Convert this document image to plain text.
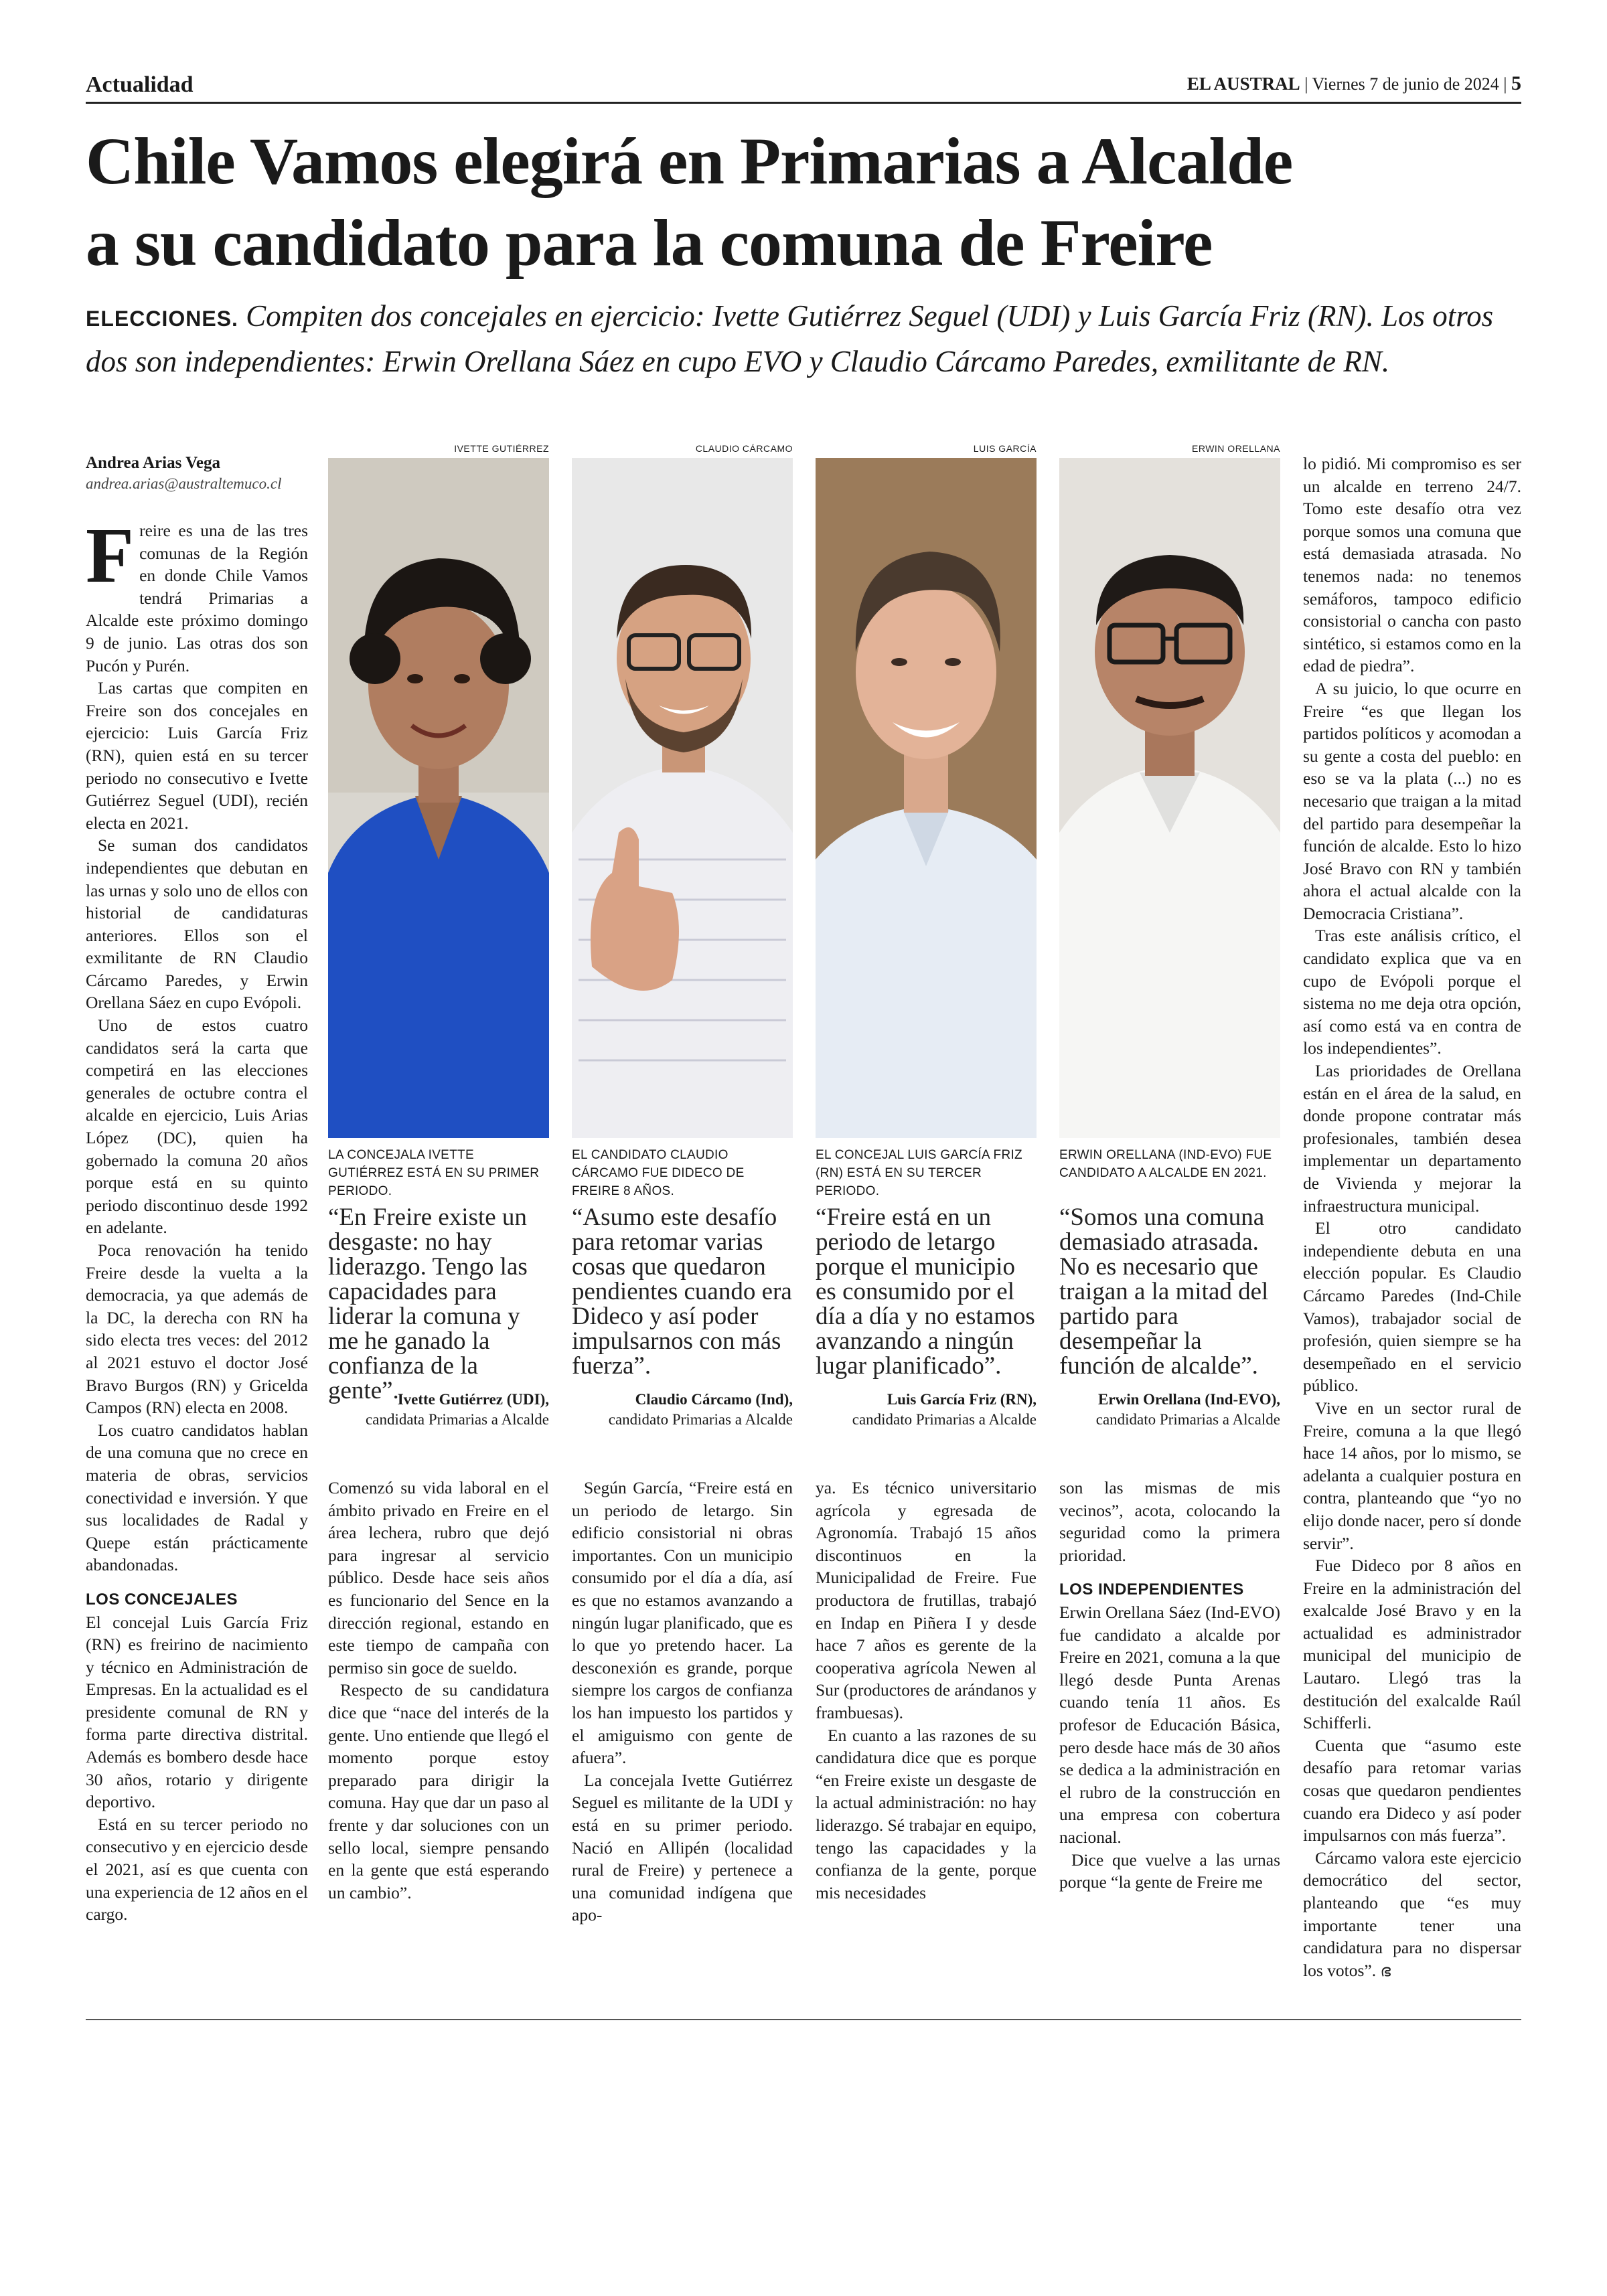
Actualidad	EL AUSTRAL | Viernes 7 de junio de 2024 | 5
Chile Vamos elegirá en Primarias a Alcalde
a su candidato para la comuna de Freire
ELECCIONES. Compiten dos concejales en ejercicio: Ivette Gutiérrez Seguel (UDI) y Luis García Friz (RN). Los otros dos son independientes: Erwin Orellana Sáez en cupo EVO y Claudio Cárcamo Paredes, exmilitante de RN.
Andrea Arias Vega
andrea.arias@australtemuco.cl

Freire es una de las tres comunas de la Región en donde Chile Vamos tendrá Primarias a Alcalde este próximo domingo 9 de junio. Las otras dos son Pucón y Purén.

Las cartas que compiten en Freire son dos concejales en ejercicio: Luis García Friz (RN), quien está en su tercer periodo no consecutivo e Ivette Gutiérrez Seguel (UDI), recién electa en 2021.

Se suman dos candidatos independientes que debutan en las urnas y solo uno de ellos con historial de candidaturas anteriores. Ellos son el exmilitante de RN Claudio Cárcamo Paredes, y Erwin Orellana Sáez en cupo Evópoli.

Uno de estos cuatro candidatos será la carta que competirá en las elecciones generales de octubre contra el alcalde en ejercicio, Luis Arias López (DC), quien ha gobernado la comuna 20 años porque está en su quinto periodo discontinuo desde 1992 en adelante.

Poca renovación ha tenido Freire desde la vuelta a la democracia, ya que además de la DC, la derecha con RN ha sido electa tres veces: del 2012 al 2021 estuvo el doctor José Bravo Burgos (RN) y Gricelda Campos (RN) electa en 2008.

Los cuatro candidatos hablan de una comuna que no crece en materia de obras, servicios conectividad e inversión. Y que sus localidades de Radal y Quepe están prácticamente abandonadas.

LOS CONCEJALES

El concejal Luis García Friz (RN) es freirino de nacimiento y técnico en Administración de Empresas. En la actualidad es el presidente comunal de RN y forma parte directiva distrital. Además es bombero desde hace 30 años, rotario y dirigente deportivo.

Está en su tercer periodo no consecutivo y en ejercicio desde el 2021, así es que cuenta con una experiencia de 12 años en el cargo.

IVETTE GUTIÉRREZ	CLAUDIO CÁRCAMO	LUIS GARCÍA	ERWIN ORELLANA
LA CONCEJALA IVETTE GUTIÉRREZ ESTÁ EN SU PRIMER PERIODO.
EL CANDIDATO CLAUDIO CÁRCAMO FUE DIDECO DE FREIRE 8 AÑOS.
EL CONCEJAL LUIS GARCÍA FRIZ (RN) ESTÁ EN SU TERCER PERIODO.
ERWIN ORELLANA (IND-EVO) FUE CANDIDATO A ALCALDE EN 2021.
“En Freire existe un desgaste: no hay liderazgo. Tengo las capacidades para liderar la comuna y me he ganado la confianza de la gente”.
“Asumo este desafío para retomar varias cosas que quedaron pendientes cuando era Dideco y así poder impulsarnos con más fuerza”.
“Freire está en un periodo de letargo porque el municipio es consumido por el día a día y no estamos avanzando a ningún lugar planificado”.
“Somos una comuna demasiado atrasada. No es necesario que traigan a la mitad del partido para desempeñar la función de alcalde”.
Ivette Gutiérrez (UDI),
candidata Primarias a Alcalde
Claudio Cárcamo (Ind),
candidato Primarias a Alcalde
Luis García Friz (RN),
candidato Primarias a Alcalde
Erwin Orellana (Ind-EVO),
candidato Primarias a Alcalde

Comenzó su vida laboral en el ámbito privado en Freire en el área lechera, rubro que dejó para ingresar al servicio público. Desde hace seis años es funcionario del Sence en la dirección regional, estando en este tiempo de campaña con permiso sin goce de sueldo.

Respecto de su candidatura dice que “nace del interés de la gente. Uno entiende que llegó el momento porque estoy preparado para dirigir la comuna. Hay que dar un paso al frente y dar soluciones con un sello local, siempre pensando en la gente que está esperando un cambio”.

Según García, “Freire está en un periodo de letargo. Sin edificio consistorial ni obras importantes. Con un municipio consumido por el día a día, así es que no estamos avanzando a ningún lugar planificado, que es lo que yo pretendo hacer. La desconexión es grande, porque siempre los cargos de confianza los han impuesto los partidos y el amiguismo con gente de afuera”.

La concejala Ivette Gutiérrez Seguel es militante de la UDI y está en su primer periodo. Nació en Allipén (localidad rural de Freire) y pertenece a una comunidad indígena que apo-

ya. Es técnico universitario agrícola y egresada de Agronomía. Trabajó 15 años discontinuos en la Municipalidad de Freire. Fue productora de frutillas, trabajó en Indap en Piñera I y desde hace 7 años es gerente de la cooperativa agrícola Newen al Sur (productores de arándanos y frambuesas).

En cuanto a las razones de su candidatura dice que es porque “en Freire existe un desgaste de la actual administración: no hay liderazgo. Sé trabajar en equipo, tengo las capacidades y la confianza de la gente, porque mis necesidades

son las mismas de mis vecinos”, acota, colocando la seguridad como la primera prioridad.

LOS INDEPENDIENTES

Erwin Orellana Sáez (Ind-EVO) fue candidato a alcalde por Freire en 2021, comuna a la que llegó desde Punta Arenas cuando tenía 11 años. Es profesor de Educación Básica, pero desde hace más de 30 años se dedica a la administración en el rubro de la construcción en una empresa con cobertura nacional.

Dice que vuelve a las urnas porque “la gente de Freire me

lo pidió. Mi compromiso es ser un alcalde en terreno 24/7. Tomo este desafío otra vez porque somos una comuna que está demasiada atrasada. No tenemos nada: no tenemos semáforos, tampoco edificio consistorial o cancha con pasto sintético, si estamos como en la edad de piedra”.

A su juicio, lo que ocurre en Freire “es que llegan los partidos políticos y acomodan a su gente a costa del pueblo: en eso se va la plata (...) no es necesario que traigan a la mitad del partido para desempeñar la función de alcalde. Esto lo hizo José Bravo con RN y también ahora el actual alcalde con la Democracia Cristiana”.

Tras este análisis crítico, el candidato explica que va en cupo de Evópoli porque el sistema no me deja otra opción, así como está va en contra de los independientes”.

Las prioridades de Orellana están en el área de la salud, en donde propone contratar más profesionales, también desea implementar un departamento de Vivienda y mejorar la infraestructura municipal.

El otro candidato independiente debuta en una elección popular. Es Claudio Cárcamo Paredes (Ind-Chile Vamos), trabajador social de profesión, quien siempre se ha desempeñado en el servicio público.

Vive en un sector rural de Freire, comuna a la que llegó hace 14 años, por lo mismo, se adelanta a cualquier postura en contra, planteando que “yo no elijo donde nacer, pero sí donde servir”.

Fue Dideco por 8 años en Freire en la administración del exalcalde José Bravo y en la actualidad es administrador municipal del municipio de Lautaro. Llegó tras la destitución del exalcalde Raúl Schifferli.

Cuenta que “asumo este desafío para retomar varias cosas que quedaron pendientes cuando era Dideco y así poder impulsarnos con más fuerza”.

Cárcamo valora este ejercicio democrático del sector, planteando que “es muy importante tener una candidatura para no dispersar los votos”. ഭ
